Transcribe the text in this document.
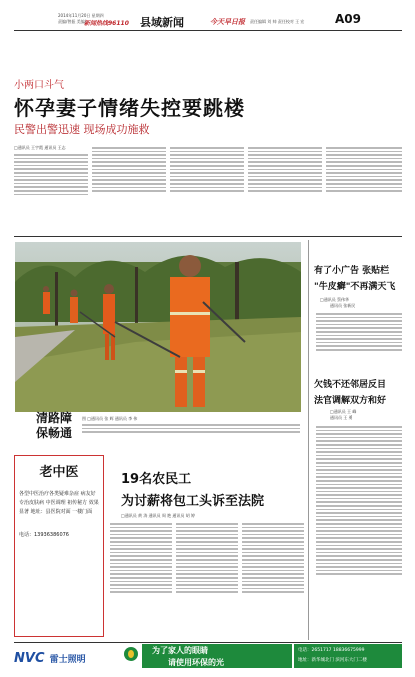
2014年11月20日 星期四
责编/曾振 美编/
新闻热线96110 县域新闻	今天早日报 责任编辑 刘 帅 责任校对 王 宏	A09
小两口斗气
怀孕妻子情绪失控要跳楼
民警出警迅速 现场成功施救
□通讯员 王宇霞 通讯员 王志
图 □通讯员 张 辉 通讯员 李 伟
清路障
保畅通
有了小广告 张贴栏
"牛皮癣"不再满天飞
□通讯员 蔡伟华
通讯员 张新民
欠钱不还邻居反目
法官调解双方和好
□通讯员 王 峰
通讯员 王 勇
老中医
各型中医治疗各类疑难杂症 病友好 专治皮肤病 中医调理 祖传秘方 效果显著 地址：县医院对面 一楼门面
电话：13936386076
19名农民工
为讨薪将包工头诉至法院
□通讯员 黄 涛 通讯员 周 艳 通讯员 胡 婷
NVC 雷士照明
为了家人的眼睛
请使用环保的光
电话：2651717 18836675999
地址：新华城北门 滨河东大门二楼
